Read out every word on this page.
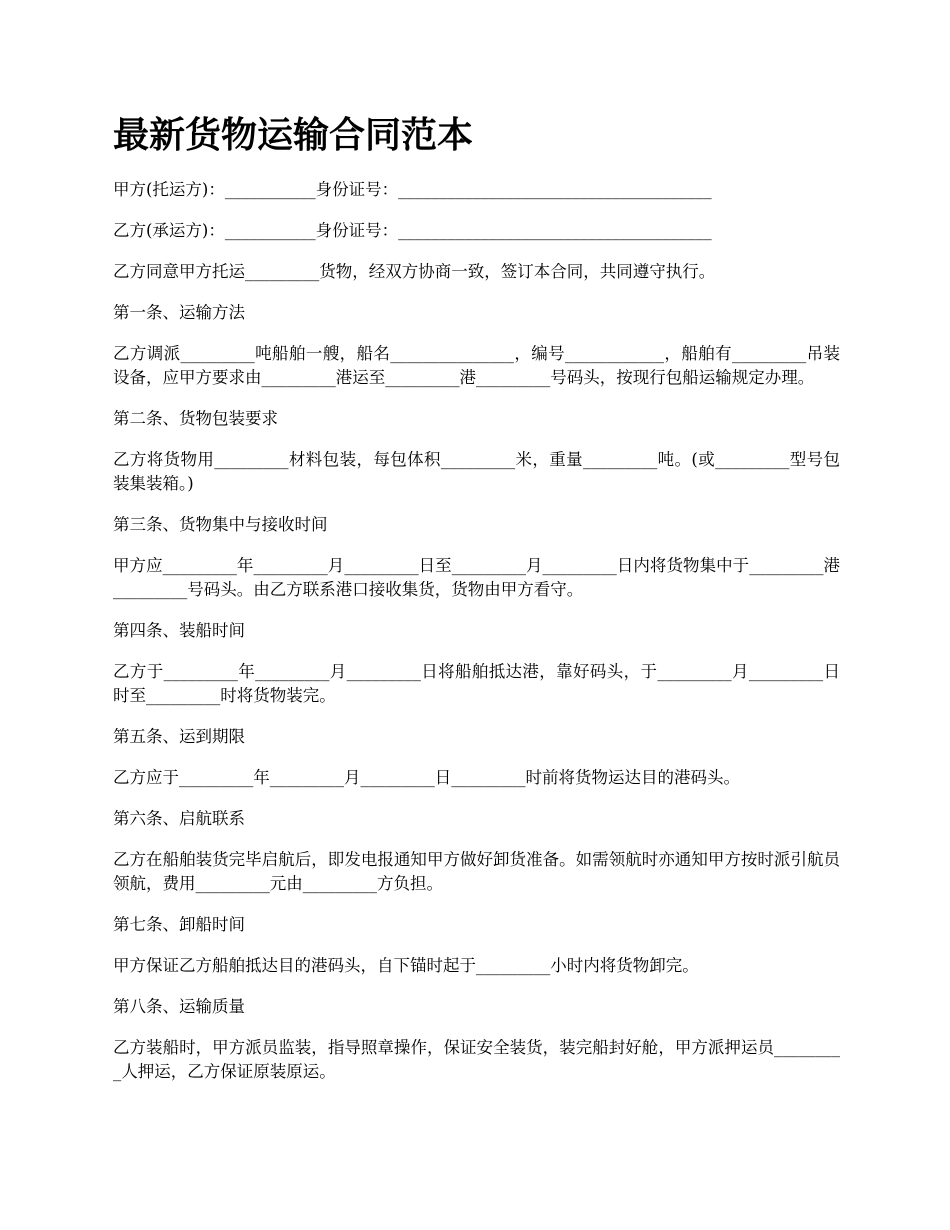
最新货物运输合同范本

甲方(托运方)：___________身份证号：______________________________________

乙方(承运方)：___________身份证号：______________________________________

乙方同意甲方托运_________货物，经双方协商一致，签订本合同，共同遵守执行。

第一条、运输方法

乙方调派_________吨船舶一艘，船名_______________，编号____________，船舶有_________吊装设备，应甲方要求由_________港运至_________港_________号码头，按现行包船运输规定办理。

第二条、货物包装要求

乙方将货物用_________材料包装，每包体积_________米，重量_________吨。(或_________型号包装集装箱。)

第三条、货物集中与接收时间

甲方应_________年_________月_________日至_________月_________日内将货物集中于_________港_________号码头。由乙方联系港口接收集货，货物由甲方看守。

第四条、装船时间

乙方于_________年_________月_________日将船舶抵达港，靠好码头，于_________月_________日时至_________时将货物装完。

第五条、运到期限

乙方应于_________年_________月_________日_________时前将货物运达目的港码头。

第六条、启航联系

乙方在船舶装货完毕启航后，即发电报通知甲方做好卸货准备。如需领航时亦通知甲方按时派引航员领航，费用_________元由_________方负担。

第七条、卸船时间

甲方保证乙方船舶抵达目的港码头，自下锚时起于_________小时内将货物卸完。

第八条、运输质量

乙方装船时，甲方派员监装，指导照章操作，保证安全装货，装完船封好舱，甲方派押运员_________人押运，乙方保证原装原运。
